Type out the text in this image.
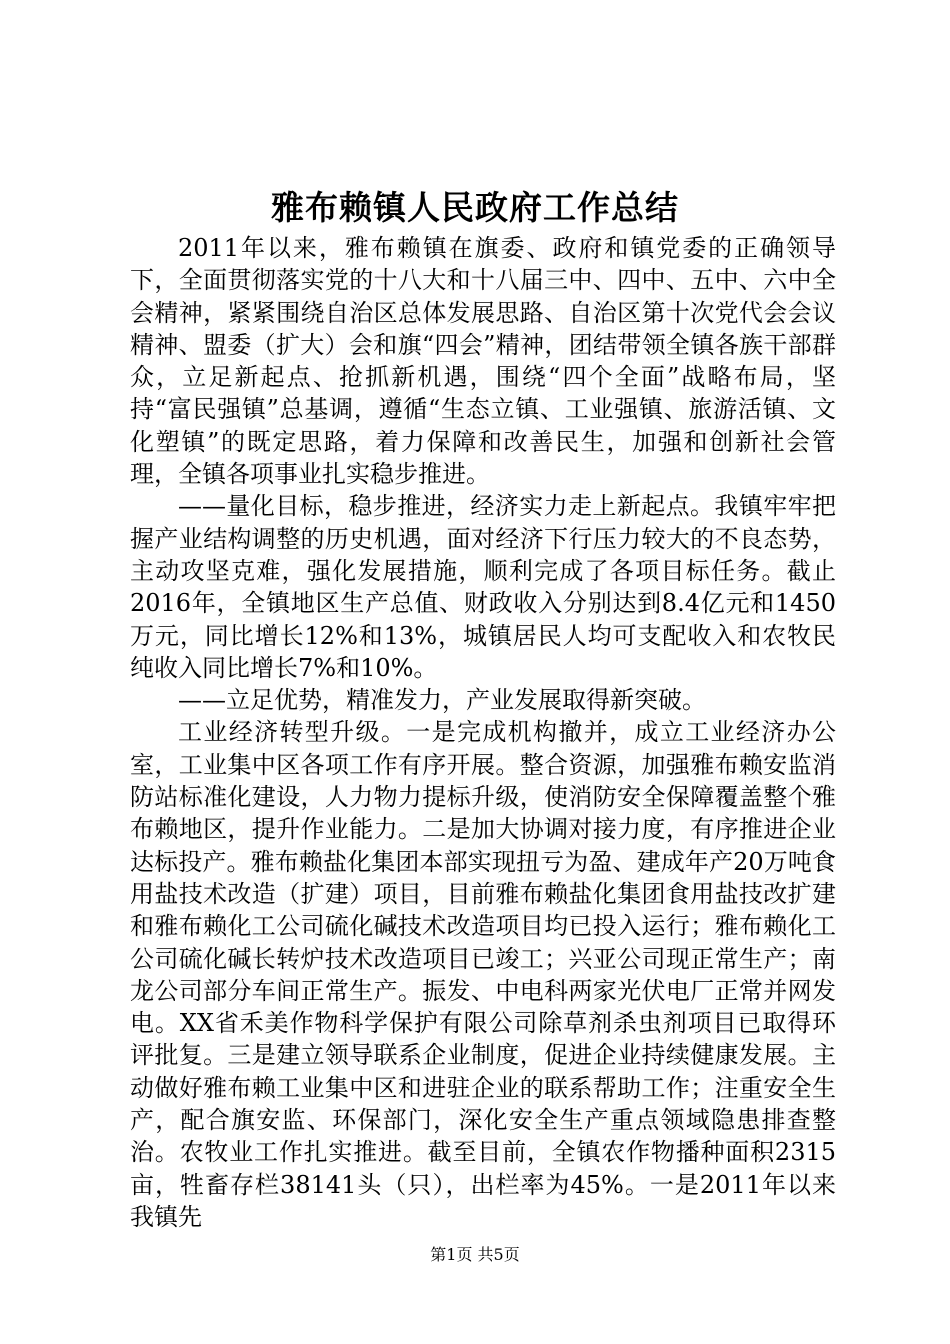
雅布赖镇人民政府工作总结

2011年以来，雅布赖镇在旗委、政府和镇党委的正确领导下，全面贯彻落实党的十八大和十八届三中、四中、五中、六中全会精神，紧紧围绕自治区总体发展思路、自治区第十次党代会会议精神、盟委（扩大）会和旗“四会”精神，团结带领全镇各族干部群众，立足新起点、抢抓新机遇，围绕“四个全面”战略布局，坚持“富民强镇”总基调，遵循“生态立镇、工业强镇、旅游活镇、文化塑镇”的既定思路，着力保障和改善民生，加强和创新社会管理，全镇各项事业扎实稳步推进。

——量化目标，稳步推进，经济实力走上新起点。我镇牢牢把握产业结构调整的历史机遇，面对经济下行压力较大的不良态势，主动攻坚克难，强化发展措施，顺利完成了各项目标任务。截止2016年，全镇地区生产总值、财政收入分别达到8.4亿元和1450万元，同比增长12%和13%，城镇居民人均可支配收入和农牧民纯收入同比增长7%和10%。

——立足优势，精准发力，产业发展取得新突破。

工业经济转型升级。一是完成机构撤并，成立工业经济办公室，工业集中区各项工作有序开展。整合资源，加强雅布赖安监消防站标准化建设，人力物力提标升级，使消防安全保障覆盖整个雅布赖地区，提升作业能力。二是加大协调对接力度，有序推进企业达标投产。雅布赖盐化集团本部实现扭亏为盈、建成年产20万吨食用盐技术改造（扩建）项目，目前雅布赖盐化集团食用盐技改扩建和雅布赖化工公司硫化碱技术改造项目均已投入运行；雅布赖化工公司硫化碱长转炉技术改造项目已竣工；兴亚公司现正常生产；南龙公司部分车间正常生产。振发、中电科两家光伏电厂正常并网发电。XX省禾美作物科学保护有限公司除草剂杀虫剂项目已取得环评批复。三是建立领导联系企业制度，促进企业持续健康发展。主动做好雅布赖工业集中区和进驻企业的联系帮助工作；注重安全生产，配合旗安监、环保部门，深化安全生产重点领域隐患排查整治。农牧业工作扎实推进。截至目前，全镇农作物播种面积2315亩，牲畜存栏38141头（只），出栏率为45%。一是2011年以来我镇先

第1页 共5页
